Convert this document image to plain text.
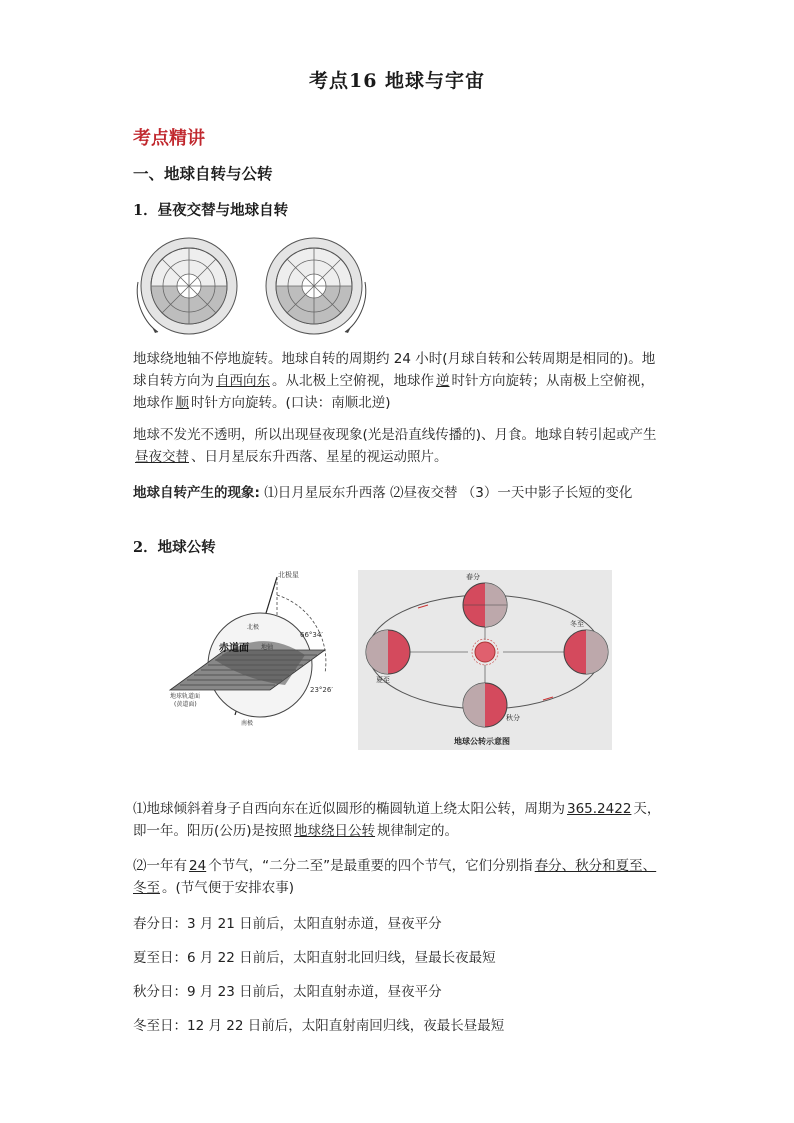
考点16 地球与宇宙
考点精讲
一、地球自转与公转
1．昼夜交替与地球自转
地球绕地轴不停地旋转。地球自转的周期约 24 小时(月球自转和公转周期是相同的)。地球自转方向为 自西向东 。从北极上空俯视，地球作 逆 时针方向旋转；从南极上空俯视，地球作 顺 时针方向旋转。(口诀：南顺北逆)
地球不发光不透明，所以出现昼夜现象(光是沿直线传播的)、月食。地球自转引起或产生昼夜交替 、日月星辰东升西落、星星的视运动照片。
地球自转产生的现象: ⑴日月星辰东升西落 ⑵昼夜交替 （3）一天中影子长短的变化
2．地球公转
北极星
赤道面 地轴
北极
66°34′
23°26′
地球轨道面
(黄道面)
南极
春分
夏至
冬至
秋分
地球公转示意图
⑴地球倾斜着身子自西向东在近似圆形的椭圆轨道上绕太阳公转，周期为 365.2422 天，即一年。阳历(公历)是按照 地球绕日公转 规律制定的。
⑵一年有 24 个节气，“二分二至”是最重要的四个节气，它们分别指 春分、秋分和夏至、冬至 。(节气便于安排农事)
春分日：3 月 21 日前后，太阳直射赤道，昼夜平分
夏至日：6 月 22 日前后，太阳直射北回归线，昼最长夜最短
秋分日：9 月 23 日前后，太阳直射赤道，昼夜平分
冬至日：12 月 22 日前后，太阳直射南回归线，夜最长昼最短
